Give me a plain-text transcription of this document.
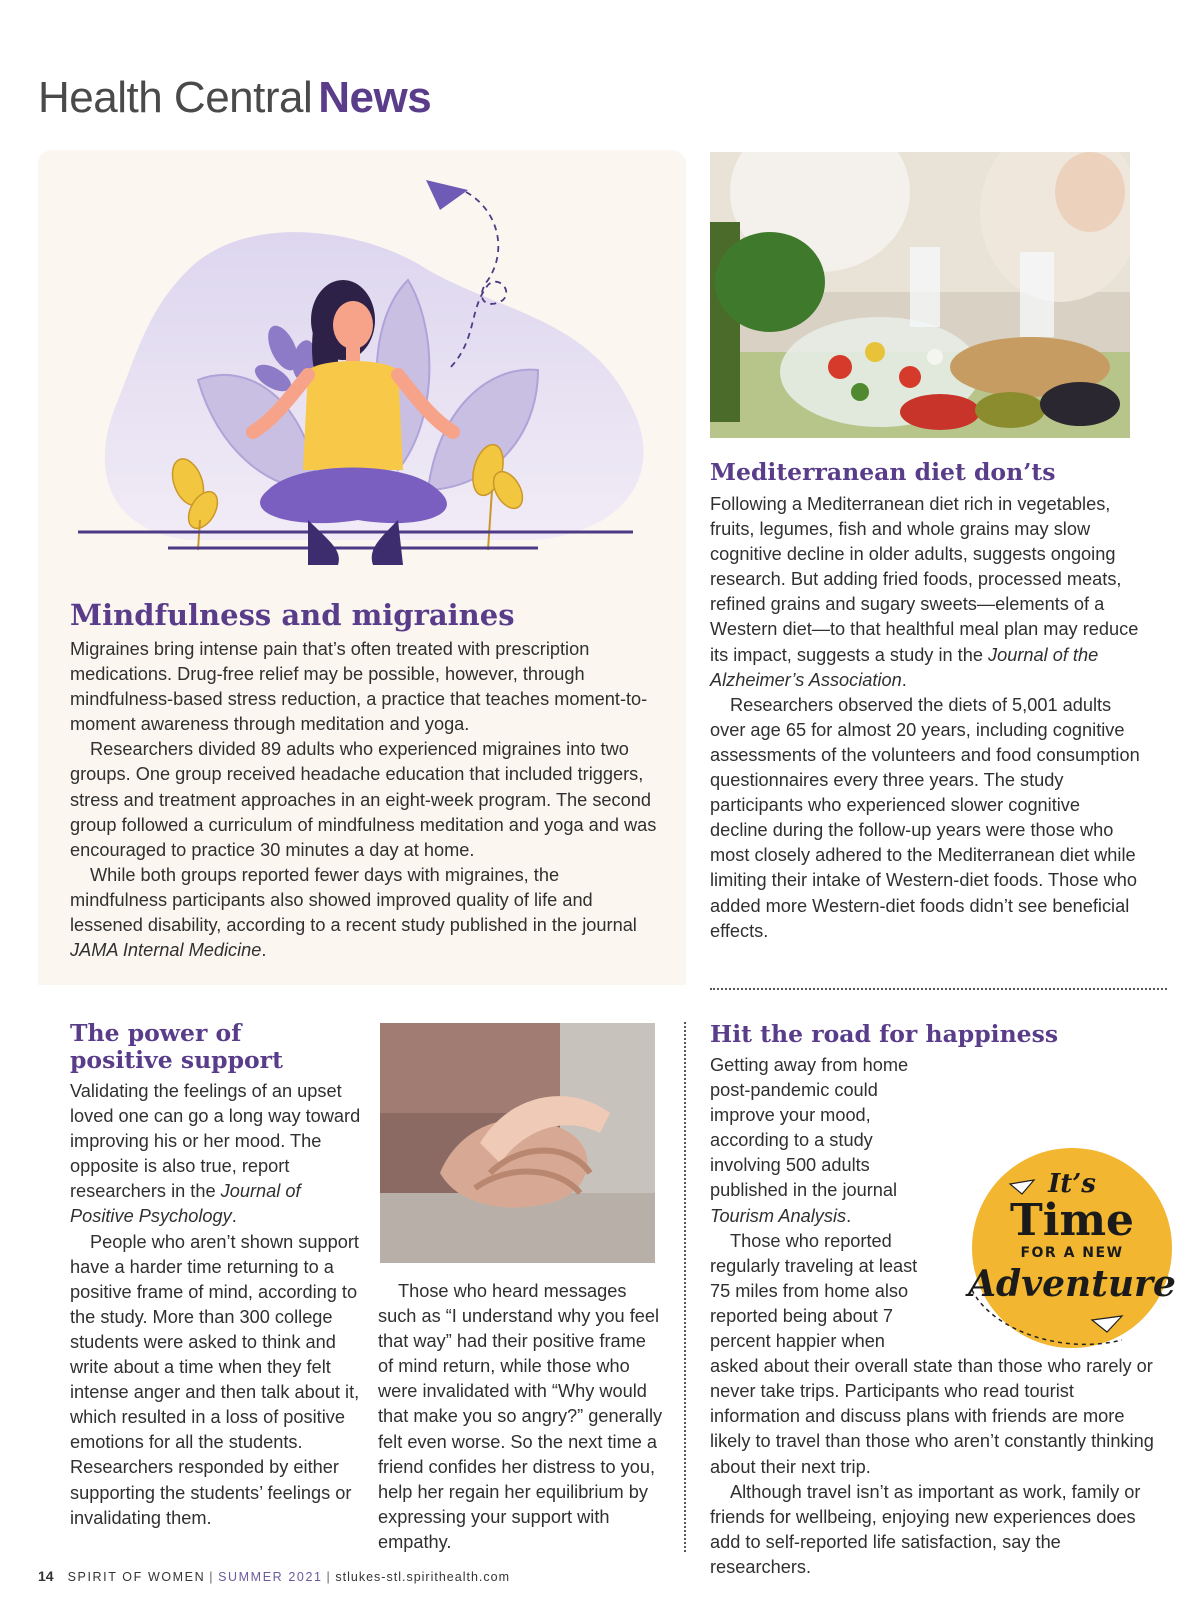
Health Central News
Mindfulness and migraines

Migraines bring intense pain that’s often treated with prescription medications. Drug-free relief may be possible, however, through mindfulness-based stress reduction, a practice that teaches moment-to-moment awareness through meditation and yoga.

Researchers divided 89 adults who experienced migraines into two groups. One group received headache education that included triggers, stress and treatment approaches in an eight-week program. The second group followed a curriculum of mindfulness meditation and yoga and was encouraged to practice 30 minutes a day at home.

While both groups reported fewer days with migraines, the mindfulness participants also showed improved quality of life and lessened disability, according to a recent study published in the journal JAMA Internal Medicine.

Mediterranean diet don’ts

Following a Mediterranean diet rich in vegetables, fruits, legumes, fish and whole grains may slow cognitive decline in older adults, suggests ongoing research. But adding fried foods, processed meats, refined grains and sugary sweets—elements of a Western diet—to that healthful meal plan may reduce its impact, suggests a study in the Journal of the Alzheimer’s Association.

Researchers observed the diets of 5,001 adults over age 65 for almost 20 years, including cognitive assessments of the volunteers and food consumption questionnaires every three years. The study participants who experienced slower cognitive decline during the follow-up years were those who most closely adhered to the Mediterranean diet while limiting their intake of Western-diet foods. Those who added more Western-diet foods didn’t see beneficial effects.

The power of
positive support

Validating the feelings of an upset loved one can go a long way toward improving his or her mood. The opposite is also true, report researchers in the Journal of Positive Psychology.

People who aren’t shown support have a harder time returning to a positive frame of mind, according to the study. More than 300 college students were asked to think and write about a time when they felt intense anger and then talk about it, which resulted in a loss of positive emotions for all the students. Researchers responded by either supporting the students’ feelings or invalidating them.

Those who heard messages such as “I understand why you feel that way” had their positive frame of mind return, while those who were invalidated with “Why would that make you so angry?” generally felt even worse. So the next time a friend confides her distress to you, help her regain her equilibrium by expressing your support with empathy.

Hit the road for happiness

Getting away from home post-pandemic could improve your mood, according to a study involving 500 adults published in the journal Tourism Analysis.

Those who reported regularly traveling at least 75 miles from home also reported being about 7 percent happier when asked about their overall state than those who rarely or never take trips. Participants who read tourist information and discuss plans with friends are more likely to travel than those who aren’t constantly thinking about their next trip.

Although travel isn’t as important as work, family or friends for wellbeing, enjoying new experiences does add to self-reported life satisfaction, say the researchers.

It’s
Time
FOR A NEW
Adventure
14 SPIRIT OF WOMEN | SUMMER 2021 | stlukes-stl.spirithealth.com
